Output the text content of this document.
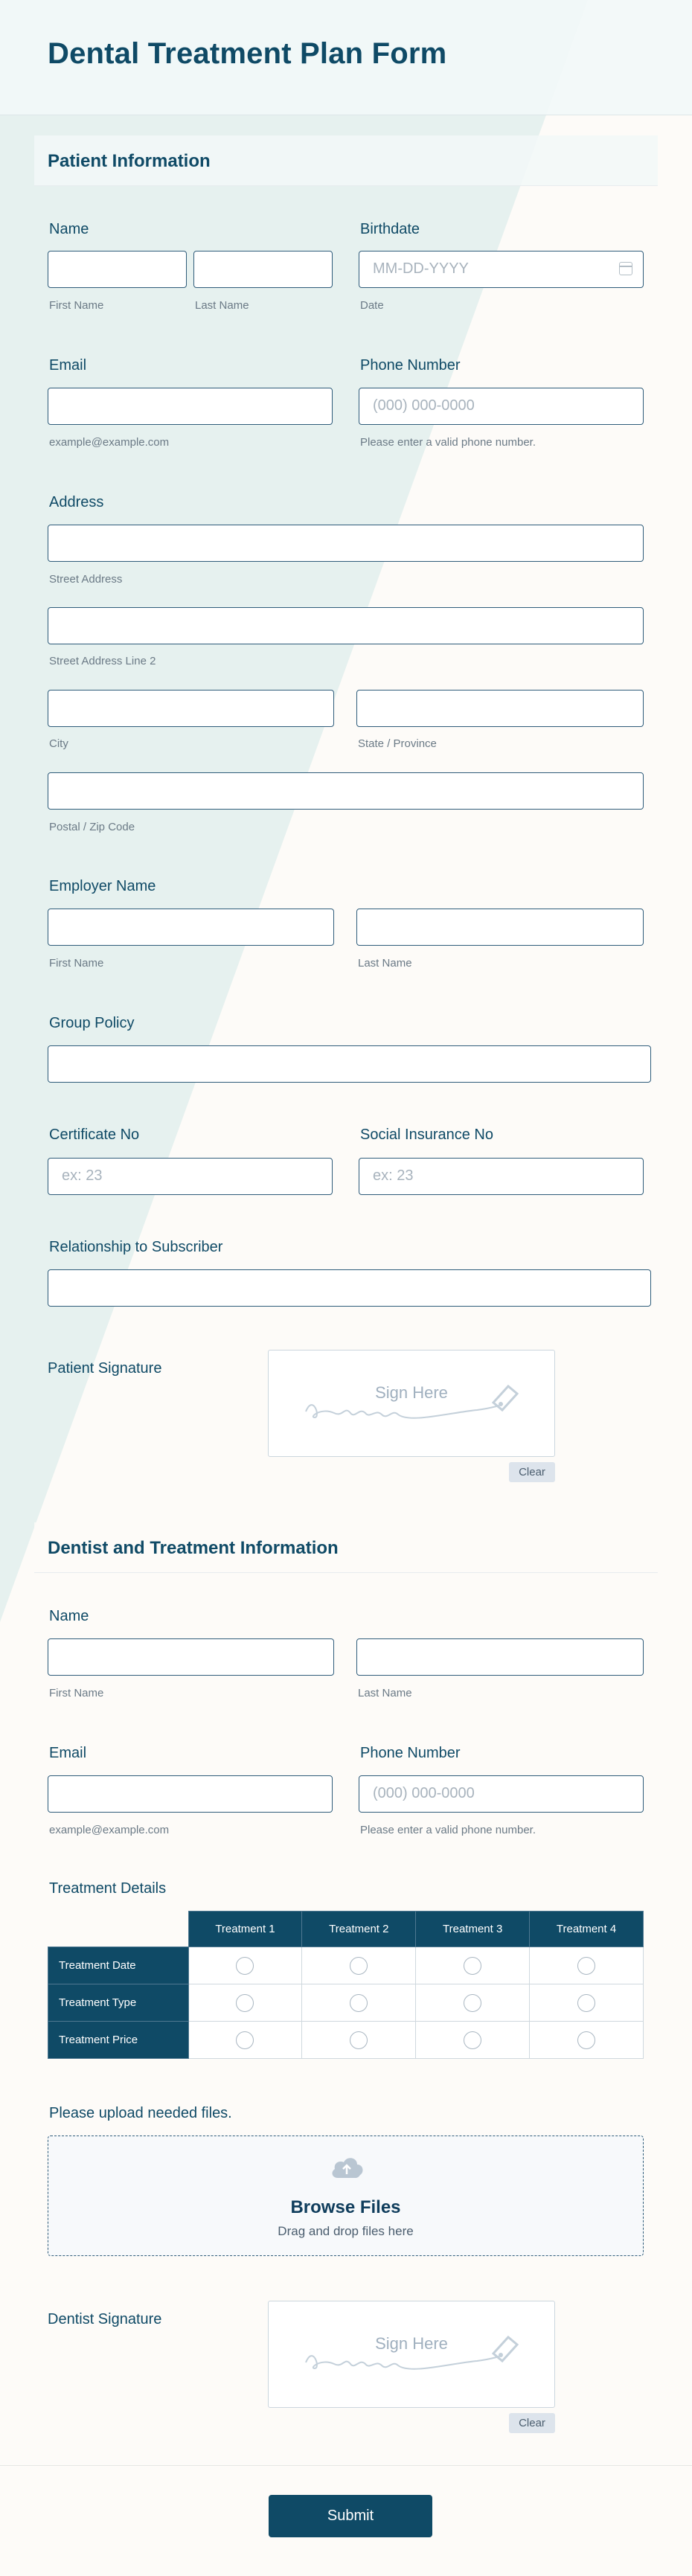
Dental Treatment Plan Form
Patient Information
Name
First Name	Last Name
Birthdate
MM-DD-YYYY
Date
Email
example@example.com
Phone Number
(000) 000-0000
Please enter a valid phone number.
Address
Street Address
Street Address Line 2
City	State / Province
Postal / Zip Code
Employer Name
First Name	Last Name
Group Policy
Certificate No
ex: 23
Social Insurance No
ex: 23
Relationship to Subscriber
Patient Signature
Sign Here
Clear
Dentist and Treatment Information
Name
First Name	Last Name
Email
example@example.com
Phone Number
(000) 000-0000
Please enter a valid phone number.
Treatment Details
	Treatment 1	Treatment 2	Treatment 3	Treatment 4
Treatment Date				
Treatment Type				
Treatment Price				
Please upload needed files.
Browse Files
Drag and drop files here
Dentist Signature
Sign Here
Clear
Submit
